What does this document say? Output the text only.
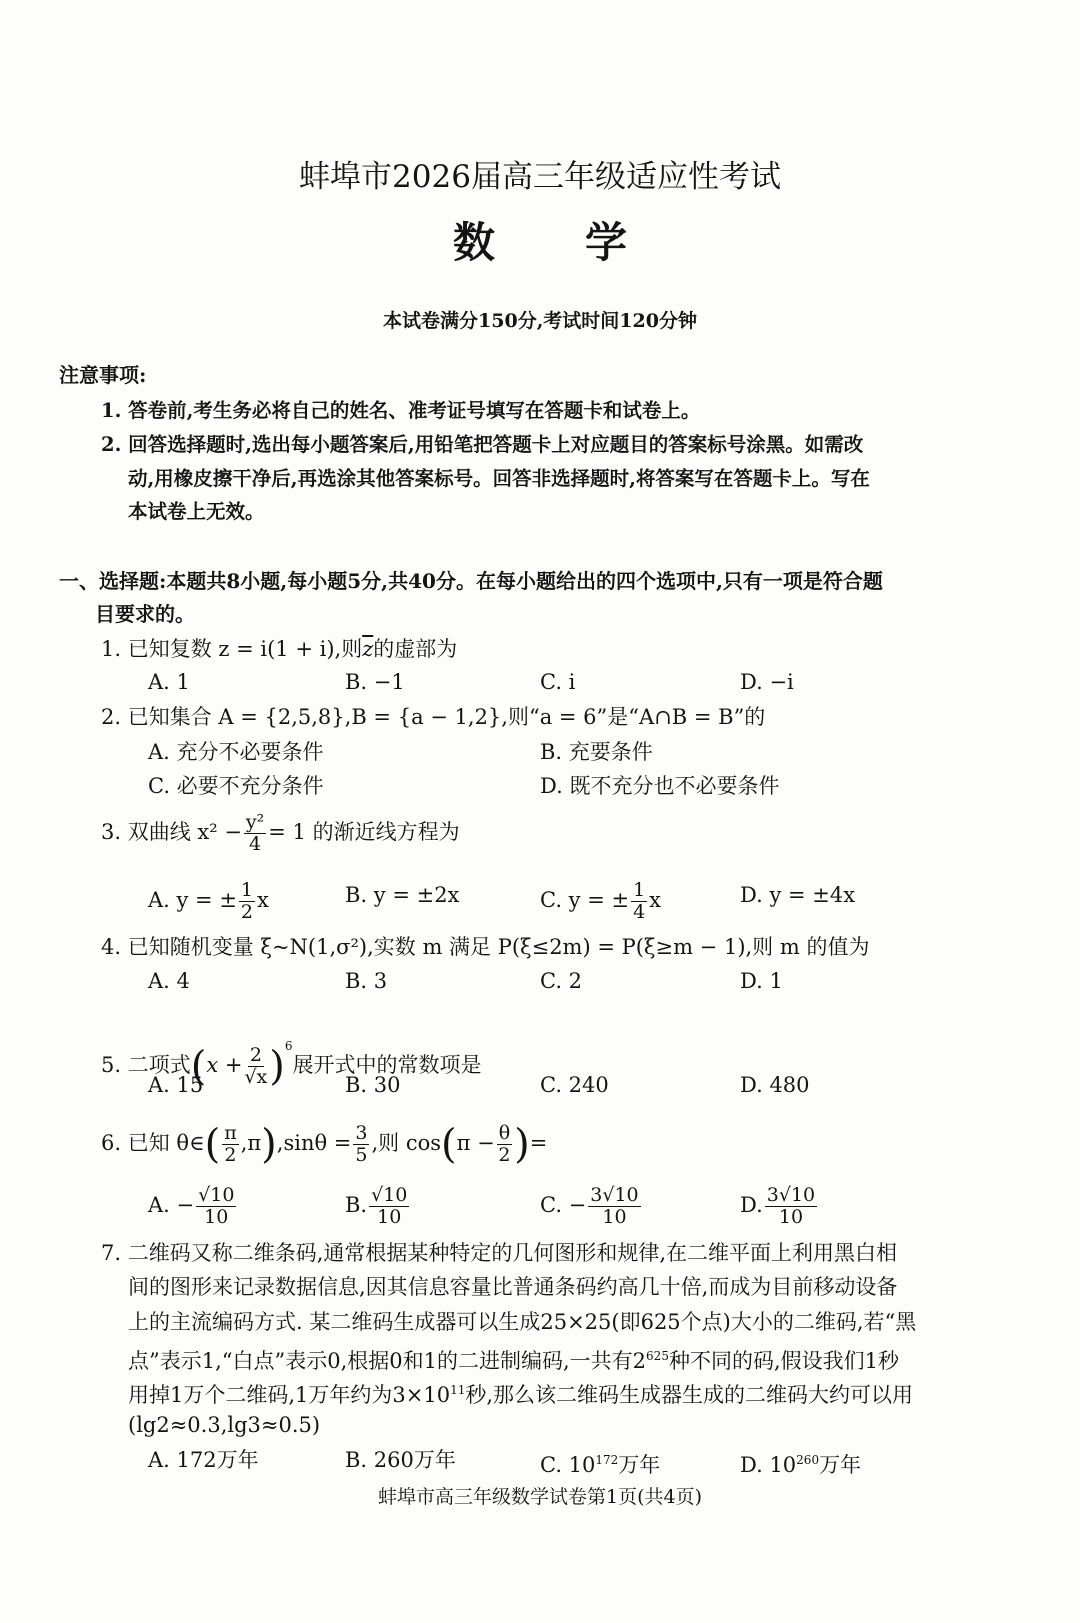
蚌埠市2026届高三年级适应性考试
数学
本试卷满分150分,考试时间120分钟
注意事项:
1. 答卷前,考生务必将自己的姓名、准考证号填写在答题卡和试卷上。
2. 回答选择题时,选出每小题答案后,用铅笔把答题卡上对应题目的答案标号涂黑。如需改
动,用橡皮擦干净后,再选涂其他答案标号。回答非选择题时,将答案写在答题卡上。写在
本试卷上无效。
一、选择题:本题共8小题,每小题5分,共40分。在每小题给出的四个选项中,只有一项是符合题
目要求的。
1. 已知复数 z = i(1 + i),则$\overline{z}$的虚部为
A. 1	B. −1	C. i	D. −i
2. 已知集合 A = {2,5,8},B = {a − 1,2},则“a = 6”是“A∩B = B”的
A. 充分不必要条件	B. 充要条件
C. 必要不充分条件	D. 既不充分也不必要条件
3. 双曲线 $x^2 - \frac{\text{y²}}{4} = 1$ 的渐近线方程为
A. y = ± $\frac{1}{2}$ x	B. y = ±2x	C. y = ± $\frac{1}{4}$ x	D. y = ±4x
4. 已知随机变量 ξ~N(1,σ²),实数 m 满足 P(ξ≤2m) = P(ξ≥m − 1),则 m 的值为
A. 4	B. 3	C. 2	D. 1
5. 二项式$(x + \frac{2}{√x} )^6$展开式中的常数项是
A. 15	B. 30	C. 240	D. 480
6. 已知 θ∈( $\frac{\pi}{2} ,\pi),\sin\theta = \frac{3}{5}$ ,则 $\cos(\pi - \frac{\theta}{2}$ )=
A. − $\frac{√10}{10}$	B. $\frac{√10}{10}$	C. − $\frac{3√10}{10}$	D. $\frac{3√10}{10}$
7. 二维码又称二维条码,通常根据某种特定的几何图形和规律,在二维平面上利用黑白相
间的图形来记录数据信息,因其信息容量比普通条码约高几十倍,而成为目前移动设备
上的主流编码方式. 某二维码生成器可以生成25×25(即625个点)大小的二维码,若“黑
点”表示1,“白点”表示0,根据0和1的二进制编码,一共有$2^{625}$种不同的码,假设我们1秒
用掉1万个二维码,1万年约为$3\times 10^{11}$秒,那么该二维码生成器生成的二维码大约可以用
(lg2≈0.3,lg3≈0.5)
A. 172万年	B. 260万年	C. $10^{172}$万年	D. $10^{260}$万年
蚌埠市高三年级数学试卷第1页(共4页)
